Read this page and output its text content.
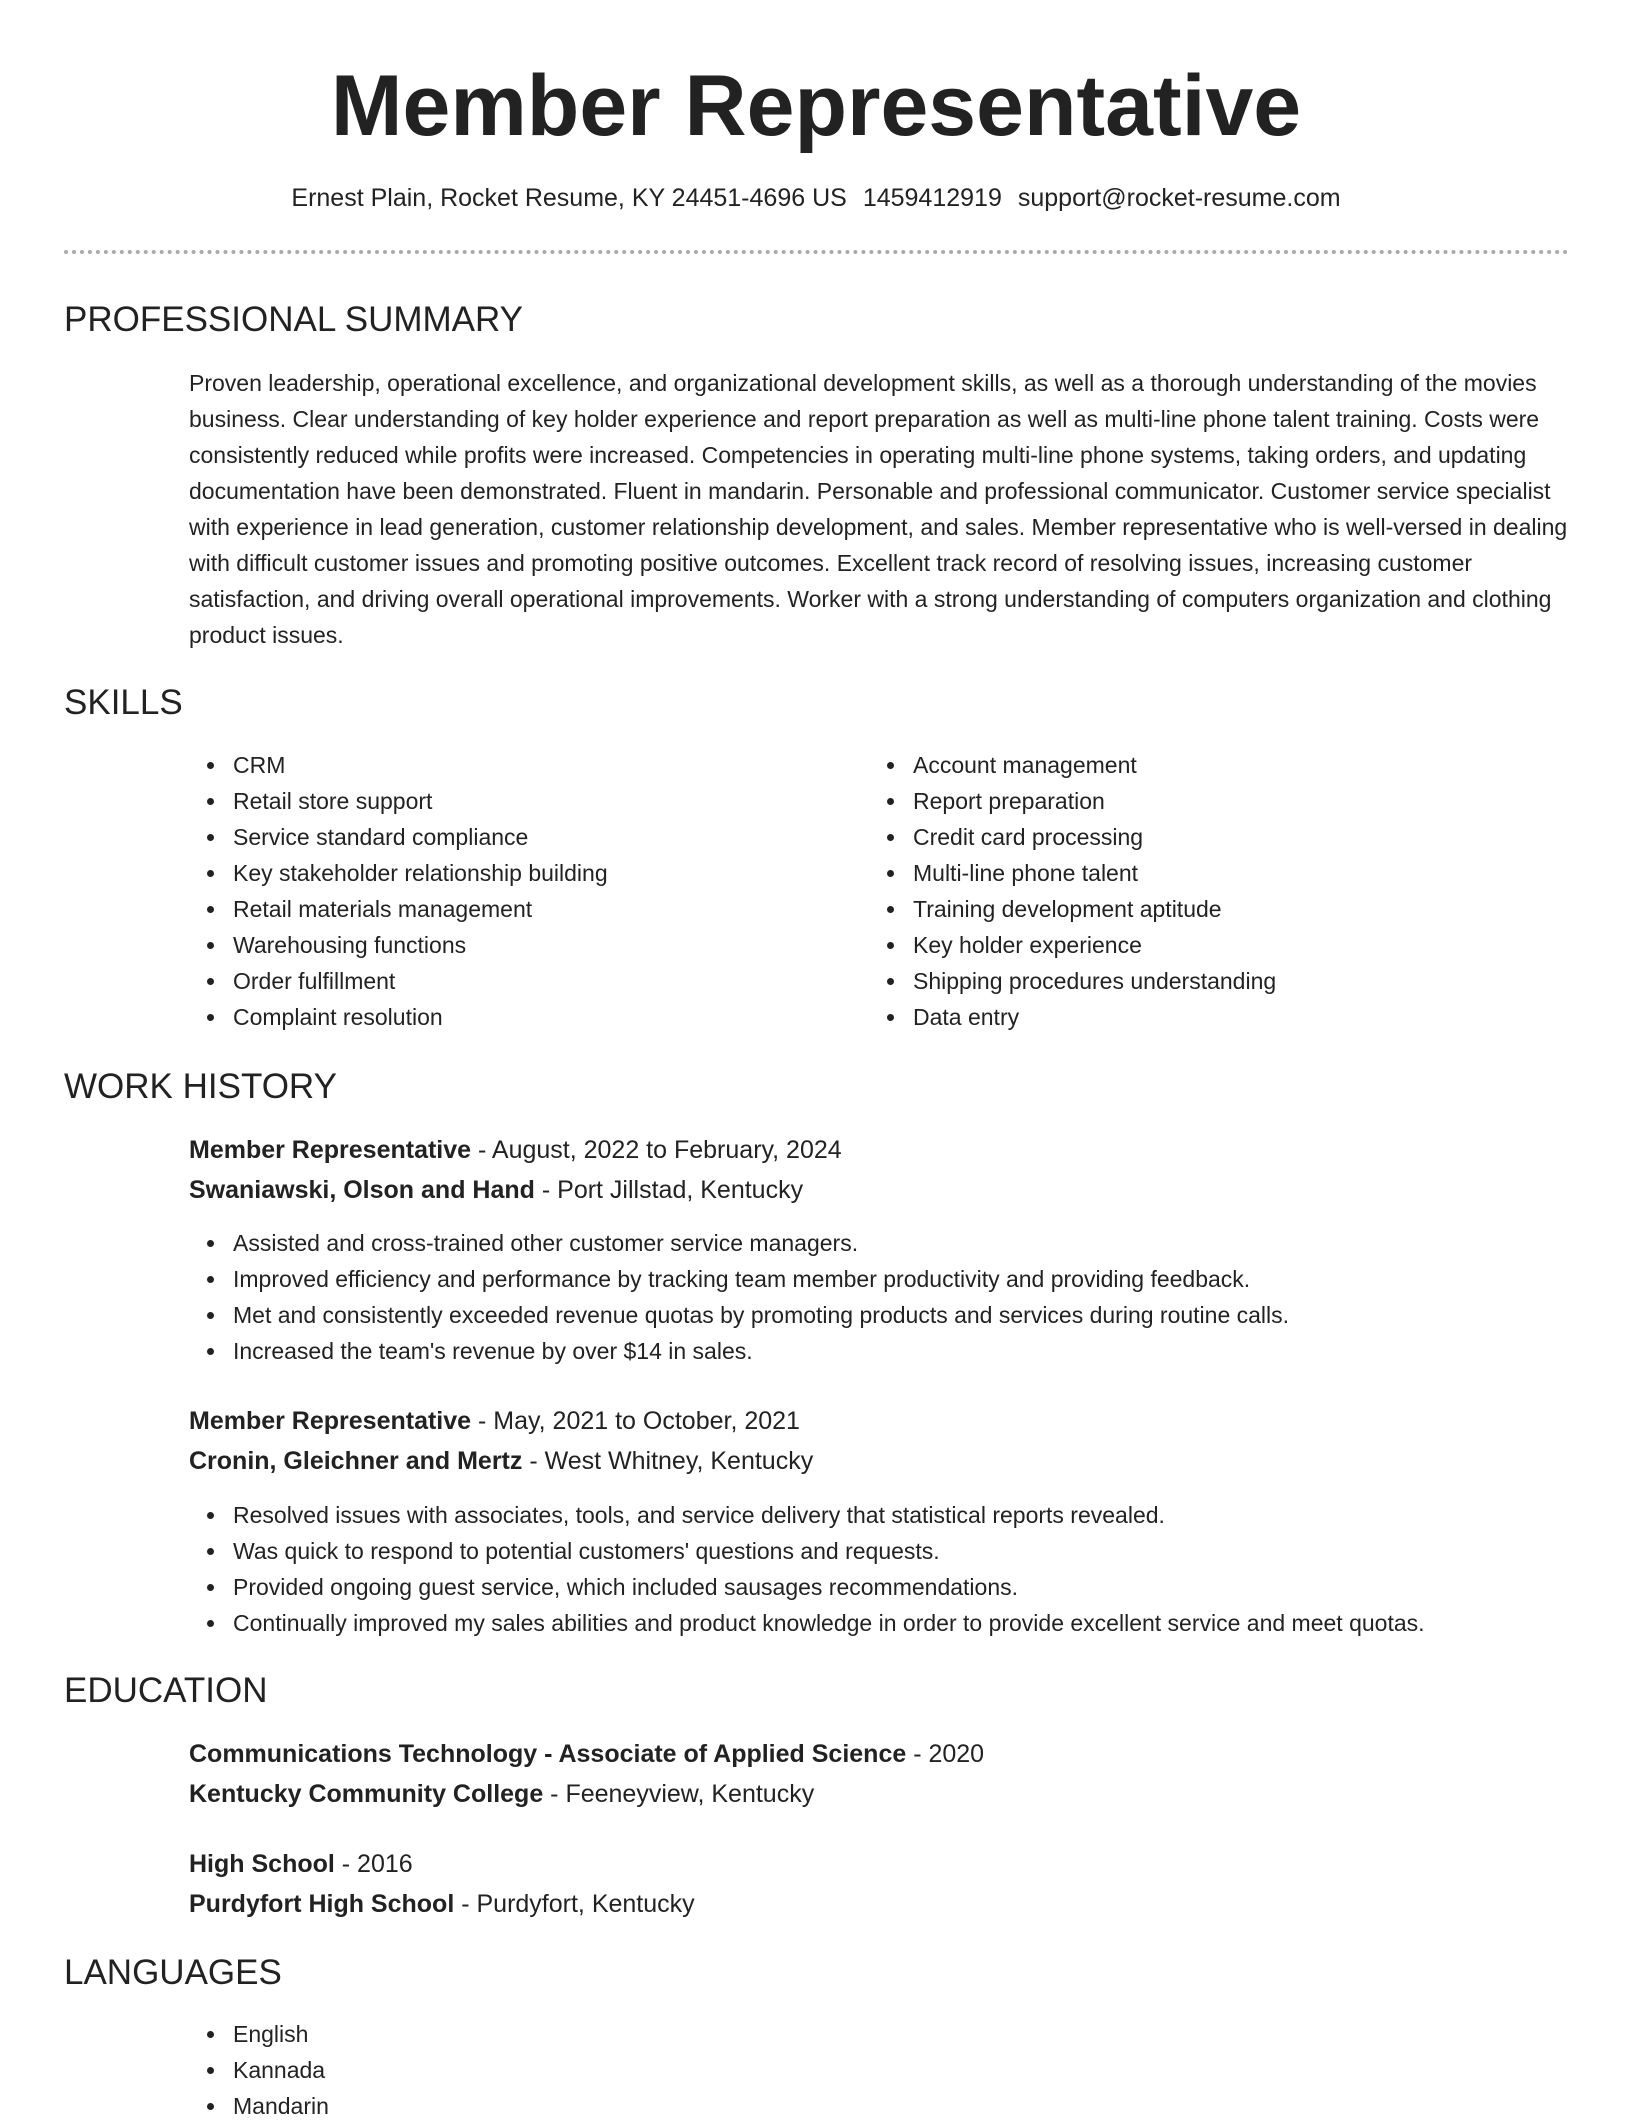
Member Representative
Ernest Plain, Rocket Resume, KY 24451-4696 US 1459412919 support@rocket-resume.com
PROFESSIONAL SUMMARY

Proven leadership, operational excellence, and organizational development skills, as well as a thorough understanding of the movies business. Clear understanding of key holder experience and report preparation as well as multi-line phone talent training. Costs were consistently reduced while profits were increased. Competencies in operating multi-line phone systems, taking orders, and updating documentation have been demonstrated. Fluent in mandarin. Personable and professional communicator. Customer service specialist with experience in lead generation, customer relationship development, and sales. Member representative who is well-versed in dealing with difficult customer issues and promoting positive outcomes. Excellent track record of resolving issues, increasing customer satisfaction, and driving overall operational improvements. Worker with a strong understanding of computers organization and clothing product issues.

SKILLS
CRM
Retail store support
Service standard compliance
Key stakeholder relationship building
Retail materials management
Warehousing functions
Order fulfillment
Complaint resolution
Account management
Report preparation
Credit card processing
Multi-line phone talent
Training development aptitude
Key holder experience
Shipping procedures understanding
Data entry
WORK HISTORY
Member Representative - August, 2022 to February, 2024
Swaniawski, Olson and Hand - Port Jillstad, Kentucky
Assisted and cross-trained other customer service managers.
Improved efficiency and performance by tracking team member productivity and providing feedback.
Met and consistently exceeded revenue quotas by promoting products and services during routine calls.
Increased the team's revenue by over $14 in sales.
Member Representative - May, 2021 to October, 2021
Cronin, Gleichner and Mertz - West Whitney, Kentucky
Resolved issues with associates, tools, and service delivery that statistical reports revealed.
Was quick to respond to potential customers' questions and requests.
Provided ongoing guest service, which included sausages recommendations.
Continually improved my sales abilities and product knowledge in order to provide excellent service and meet quotas.
EDUCATION
Communications Technology - Associate of Applied Science - 2020
Kentucky Community College - Feeneyview, Kentucky
High School - 2016
Purdyfort High School - Purdyfort, Kentucky
LANGUAGES
English
Kannada
Mandarin
